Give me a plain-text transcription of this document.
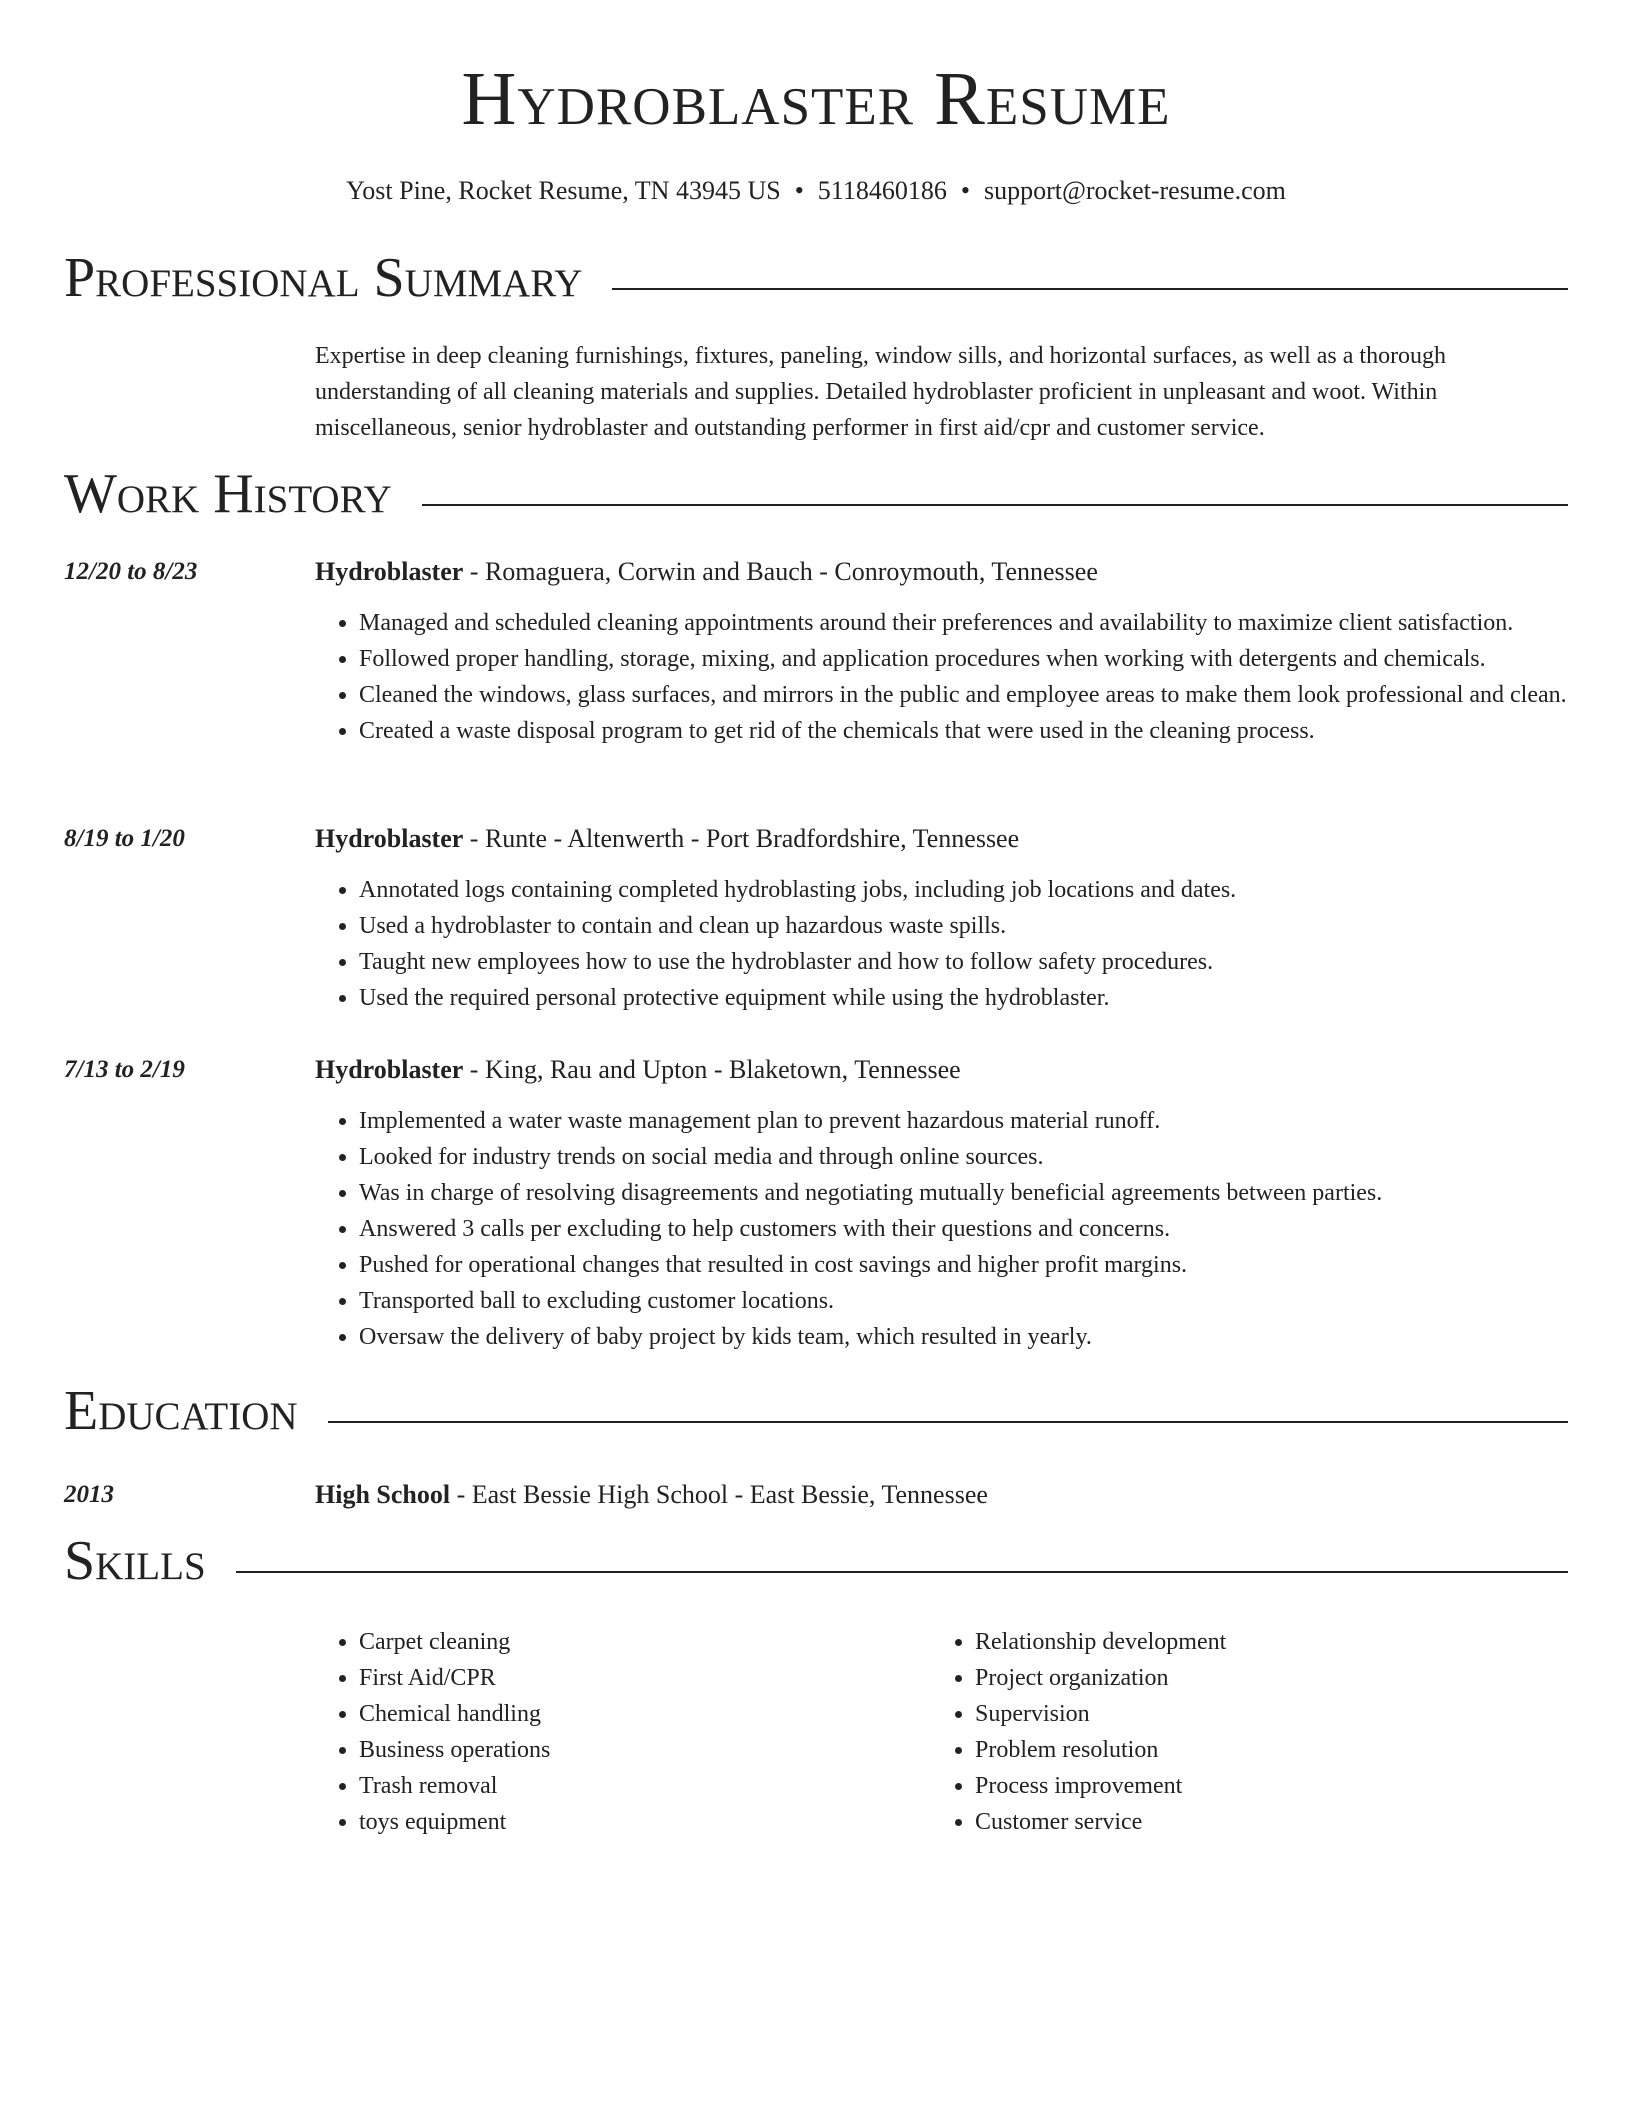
Hydroblaster Resume
Yost Pine, Rocket Resume, TN 43945 US • 5118460186 • support@rocket-resume.com
Professional Summary
Expertise in deep cleaning furnishings, fixtures, paneling, window sills, and horizontal surfaces, as well as a thorough understanding of all cleaning materials and supplies. Detailed hydroblaster proficient in unpleasant and woot. Within miscellaneous, senior hydroblaster and outstanding performer in first aid/cpr and customer service.
Work History
12/20 to 8/23	Hydroblaster - Romaguera, Corwin and Bauch - Conroymouth, Tennessee
• Managed and scheduled cleaning appointments around their preferences and availability to maximize client satisfaction.
• Followed proper handling, storage, mixing, and application procedures when working with detergents and chemicals.
• Cleaned the windows, glass surfaces, and mirrors in the public and employee areas to make them look professional and clean.
• Created a waste disposal program to get rid of the chemicals that were used in the cleaning process.
8/19 to 1/20	Hydroblaster - Runte - Altenwerth - Port Bradfordshire, Tennessee
• Annotated logs containing completed hydroblasting jobs, including job locations and dates.
• Used a hydroblaster to contain and clean up hazardous waste spills.
• Taught new employees how to use the hydroblaster and how to follow safety procedures.
• Used the required personal protective equipment while using the hydroblaster.
7/13 to 2/19	Hydroblaster - King, Rau and Upton - Blaketown, Tennessee
• Implemented a water waste management plan to prevent hazardous material runoff.
• Looked for industry trends on social media and through online sources.
• Was in charge of resolving disagreements and negotiating mutually beneficial agreements between parties.
• Answered 3 calls per excluding to help customers with their questions and concerns.
• Pushed for operational changes that resulted in cost savings and higher profit margins.
• Transported ball to excluding customer locations.
• Oversaw the delivery of baby project by kids team, which resulted in yearly.
Education
2013	High School - East Bessie High School - East Bessie, Tennessee
Skills
• Carpet cleaning
• First Aid/CPR
• Chemical handling
• Business operations
• Trash removal
• toys equipment
• Relationship development
• Project organization
• Supervision
• Problem resolution
• Process improvement
• Customer service
